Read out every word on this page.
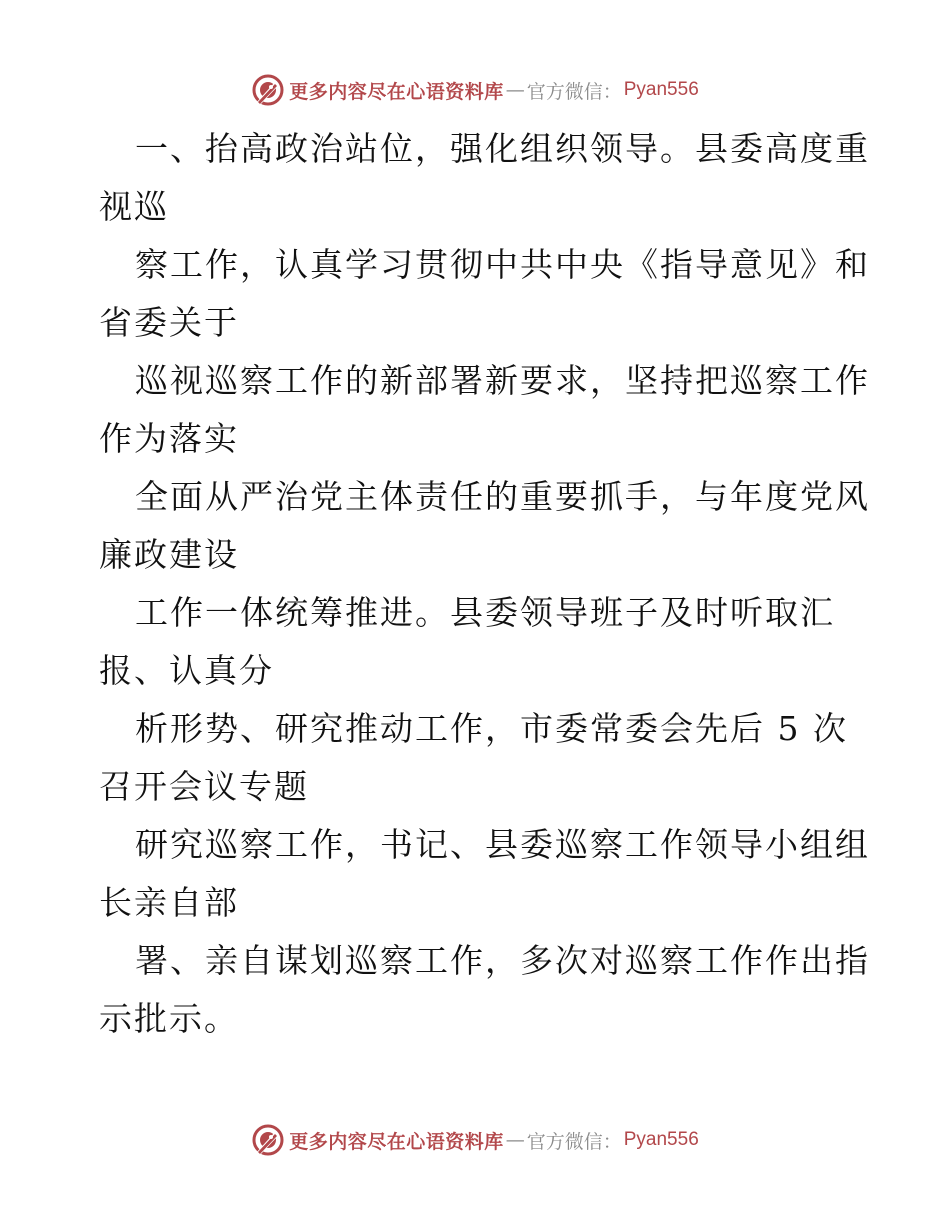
更多内容尽在心语资料库 — 官方微信： Pyan556
一、抬高政治站位，强化组织领导。县委高度重
视巡
察工作，认真学习贯彻中共中央《指导意见》和
省委关于
巡视巡察工作的新部署新要求，坚持把巡察工作
作为落实
全面从严治党主体责任的重要抓手，与年度党风
廉政建设
工作一体统筹推进。县委领导班子及时听取汇
报、认真分
析形势、研究推动工作，市委常委会先后 5 次
召开会议专题
研究巡察工作，书记、县委巡察工作领导小组组
长亲自部
署、亲自谋划巡察工作，多次对巡察工作作出指
示批示。
更多内容尽在心语资料库 — 官方微信： Pyan556
